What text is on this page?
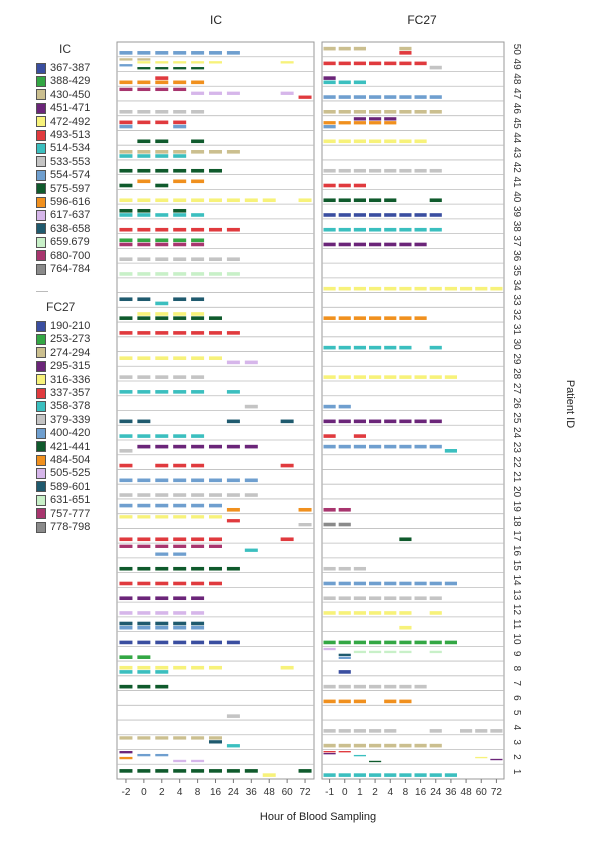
IC	FC27
Hour of Blood Sampling
Patient ID
-2 0 2 4 8 16 24 36 48 60 72 -1 0 1 2 4 8 16 24 36 48 60 72
50
49
48
47
46
45
44
43
42
41
40
39
38
37
36
35
34
33
32
31
30
29
28
27
26
25
24
23
22
21
20
19
18
17
16
15
14
13
12
11
10
9
8
7
6
5
4
3
2
1
IC
367-387
388-429
430-450
451-471
472-492
493-513
514-534
533-553
554-574
575-597
596-616
617-637
638-658
659.679
680-700
764-784
FC27
190-210
253-273
274-294
295-315
316-336
337-357
358-378
379-339
400-420
421-441
484-504
505-525
589-601
631-651
757-777
778-798
